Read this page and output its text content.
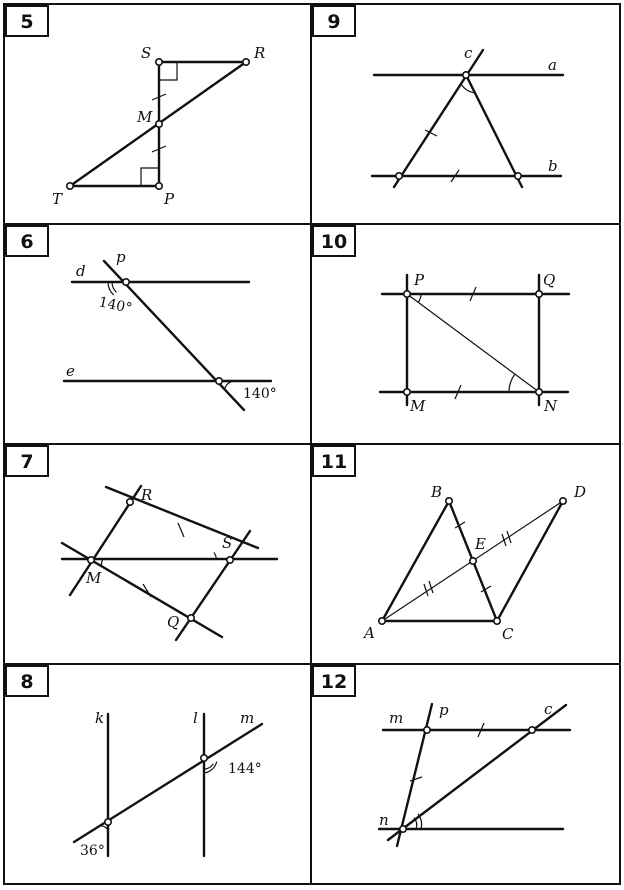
5
S	R
M
T	P
6
d
p
e
140°
140°
7
R
S
M
Q
8
k	l	m
36°
144°
9
c
a
b
10
P	Q
M	N
11
B	D
E
A	C
12
m p	c
n
